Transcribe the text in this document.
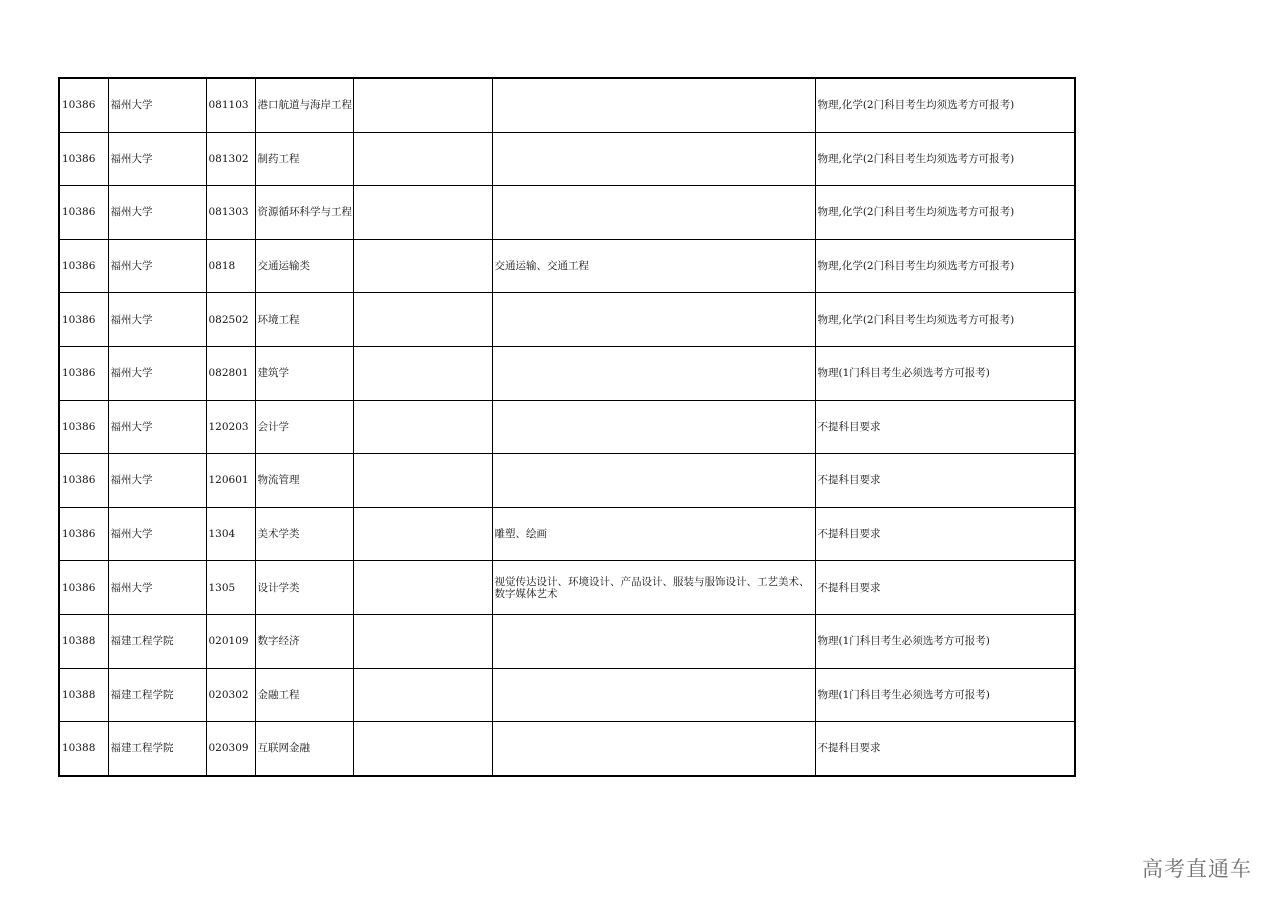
10386	福州大学	081103	港口航道与海岸工程			物理,化学(2门科目考生均须选考方可报考)
10386	福州大学	081302	制药工程			物理,化学(2门科目考生均须选考方可报考)
10386	福州大学	081303	资源循环科学与工程			物理,化学(2门科目考生均须选考方可报考)
10386	福州大学	0818	交通运输类		交通运输、交通工程	物理,化学(2门科目考生均须选考方可报考)
10386	福州大学	082502	环境工程			物理,化学(2门科目考生均须选考方可报考)
10386	福州大学	082801	建筑学			物理(1门科目考生必须选考方可报考)
10386	福州大学	120203	会计学			不提科目要求
10386	福州大学	120601	物流管理			不提科目要求
10386	福州大学	1304	美术学类		雕塑、绘画	不提科目要求
10386	福州大学	1305	设计学类		视觉传达设计、环境设计、产品设计、服装与服饰设计、工艺美术、数字媒体艺术	不提科目要求
10388	福建工程学院	020109	数字经济			物理(1门科目考生必须选考方可报考)
10388	福建工程学院	020302	金融工程			物理(1门科目考生必须选考方可报考)
10388	福建工程学院	020309	互联网金融			不提科目要求
高考直通车
